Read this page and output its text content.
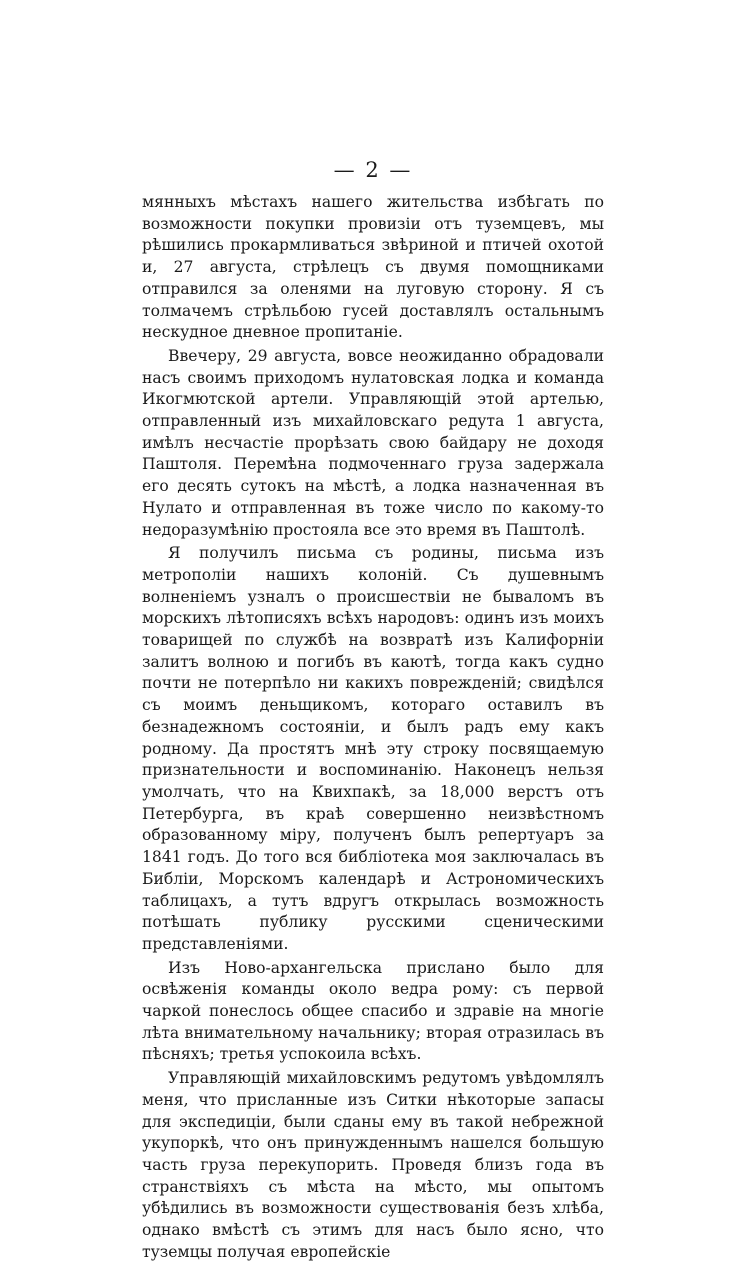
— 2 —

мянныхъ мѣстахъ нашего жительства избѣгать по возможности покупки провизіи отъ туземцевъ, мы рѣшились прокармливаться звѣриной и птичей охотой и, 27 августа, стрѣлецъ съ двумя помощниками отправился за оленями на луговую сторону. Я съ толмачемъ стрѣльбою гусей доставлялъ остальнымъ нескудное дневное пропитаніе.

Ввечеру, 29 августа, вовсе неожиданно обрадовали насъ своимъ приходомъ нулатовская лодка и команда Икогмютской артели. Управляющій этой артелью, отправленный изъ михайловскаго редута 1 августа, имѣлъ несчастіе прорѣзать свою байдару не доходя Паштоля. Перемѣна подмоченнаго груза задержала его десять сутокъ на мѣстѣ, а лодка назначенная въ Нулато и отправленная въ тоже число по какому-то недоразумѣнію простояла все это время въ Паштолѣ.

Я получилъ письма съ родины, письма изъ метрополіи нашихъ колоній. Съ душевнымъ волненіемъ узналъ о происшествіи не бываломъ въ морскихъ лѣтописяхъ всѣхъ народовъ: одинъ изъ моихъ товарищей по службѣ на возвратѣ изъ Калифорніи залитъ волною и погибъ въ каютѣ, тогда какъ судно почти не потерпѣло ни какихъ поврежденій; свидѣлся съ моимъ деньщикомъ, котораго оставилъ въ безнадежномъ состояніи, и былъ радъ ему какъ родному. Да простятъ мнѣ эту строку посвящаемую признательности и воспоминанію. Наконецъ нельзя умолчать, что на Квихпакѣ, за 18,000 верстъ отъ Петербурга, въ краѣ совершенно неизвѣстномъ образованному міру, полученъ былъ репертуаръ за 1841 годъ. До того вся библіотека моя заключалась въ Библіи, Морскомъ календарѣ и Астрономическихъ таблицахъ, а тутъ вдругъ открылась возможность потѣшать публику русскими сценическими представленіями.

Изъ Ново-архангельска прислано было для освѣженія команды около ведра рому: съ первой чаркой понеслось общее спасибо и здравіе на многіе лѣта внимательному начальнику; вторая отразилась въ пѣсняхъ; третья успокоила всѣхъ.

Управляющій михайловскимъ редутомъ увѣдомлялъ меня, что присланные изъ Ситки нѣкоторые запасы для экспедиціи, были сданы ему въ такой небрежной укупоркѣ, что онъ принужденнымъ нашелся большую часть груза перекупорить. Проведя близъ года въ странствіяхъ съ мѣста на мѣсто, мы опытомъ убѣдились въ возможности существованія безъ хлѣба, однако вмѣстѣ съ этимъ для насъ было ясно, что туземцы получая европейскіе
